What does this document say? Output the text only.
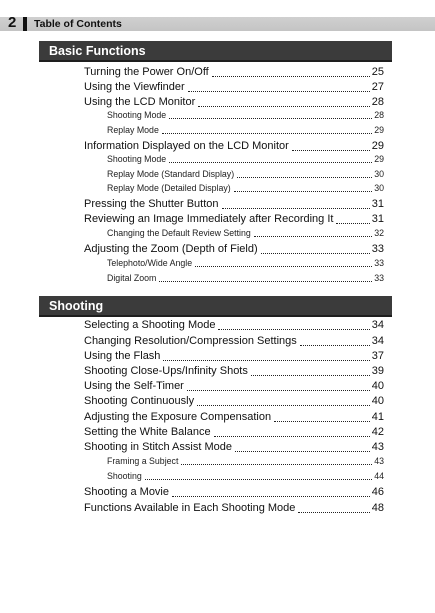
2 Table of Contents
Basic Functions
Turning the Power On/Off	25
Using the Viewfinder	27
Using the LCD Monitor	28
Shooting Mode	28
Replay Mode	29
Information Displayed on the LCD Monitor	29
Shooting Mode	29
Replay Mode (Standard Display)	30
Replay Mode (Detailed Display)	30
Pressing the Shutter Button	31
Reviewing an Image Immediately after Recording It	31
Changing the Default Review Setting	32
Adjusting the Zoom (Depth of Field)	33
Telephoto/Wide Angle	33
Digital Zoom	33
Shooting
Selecting a Shooting Mode	34
Changing Resolution/Compression Settings	34
Using the Flash	37
Shooting Close-Ups/Infinity Shots	39
Using the Self-Timer	40
Shooting Continuously	40
Adjusting the Exposure Compensation	41
Setting the White Balance	42
Shooting in Stitch Assist Mode	43
Framing a Subject	43
Shooting	44
Shooting a Movie	46
Functions Available in Each Shooting Mode	48
